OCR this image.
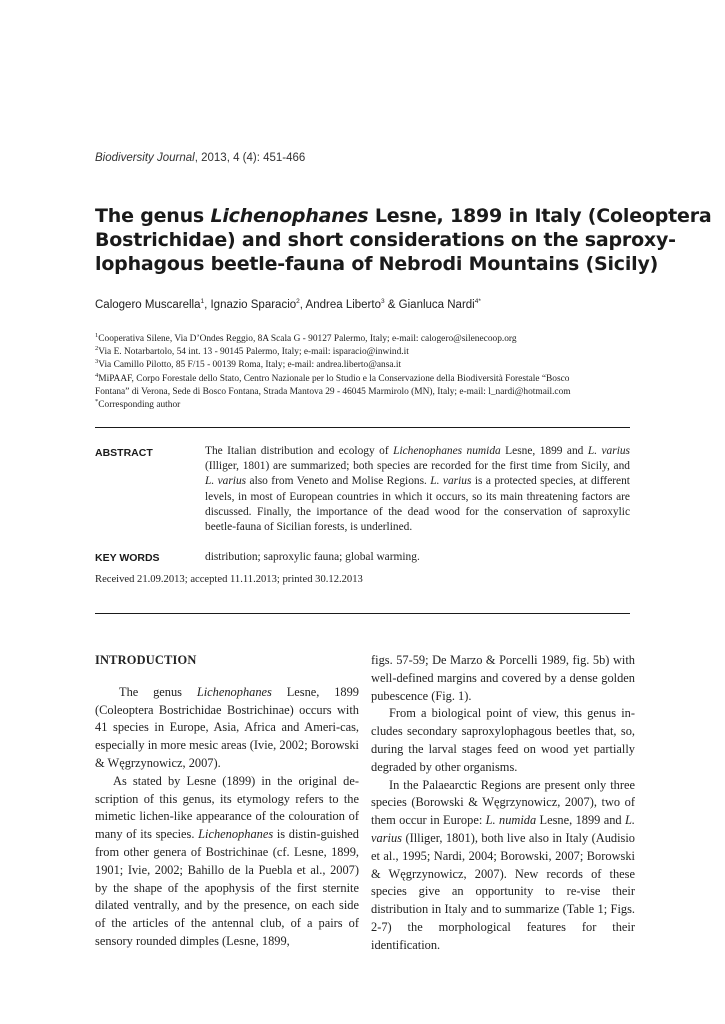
Biodiversity Journal, 2013, 4 (4): 451-466
The genus Lichenophanes Lesne, 1899 in Italy (Coleoptera
Bostrichidae) and short considerations on the saproxy-
lophagous beetle-fauna of Nebrodi Mountains (Sicily)
Calogero Muscarella$^1$, Ignazio Sparacio$^2$, Andrea Liberto$^3$ & Gianluca Nardi$^{4*}$
$^1$Cooperativa Silene, Via D’Ondes Reggio, 8A Scala G - 90127 Palermo, Italy; e-mail: calogero@silenecoop.org
$^2$Via E. Notarbartolo, 54 int. 13 - 90145 Palermo, Italy; e-mail: isparacio@inwind.it
$^3$Via Camillo Pilotto, 85 F/15 - 00139 Roma, Italy; e-mail: andrea.liberto@ansa.it
$^4$MiPAAF, Corpo Forestale dello Stato, Centro Nazionale per lo Studio e la Conservazione della Biodiversità Forestale “Bosco
Fontana” di Verona, Sede di Bosco Fontana, Strada Mantova 29 - 46045 Marmirolo (MN), Italy; e-mail: l_nardi@hotmail.com
*Corresponding author
ABSTRACT	The Italian distribution and ecology of Lichenophanes numida Lesne, 1899 and L. varius (Illiger, 1801) are summarized; both species are recorded for the first time from Sicily, and L. varius also from Veneto and Molise Regions. L. varius is a protected species, at different levels, in most of European countries in which it occurs, so its main threatening factors are discussed. Finally, the importance of the dead wood for the conservation of saproxylic beetle-fauna of Sicilian forests, is underlined.
KEY WORDS	distribution; saproxylic fauna; global warming.
Received 21.09.2013; accepted 11.11.2013; printed 30.12.2013

INTRODUCTION

The genus Lichenophanes Lesne, 1899 (Coleoptera Bostrichidae Bostrichinae) occurs with 41 species in Europe, Asia, Africa and Ameri-cas, especially in more mesic areas (Ivie, 2002; Borowski & Węgrzynowicz, 2007).

As stated by Lesne (1899) in the original de-scription of this genus, its etymology refers to the mimetic lichen-like appearance of the colouration of many of its species. Lichenophanes is distin-guished from other genera of Bostrichinae (cf. Lesne, 1899, 1901; Ivie, 2002; Bahillo de la Puebla et al., 2007) by the shape of the apophysis of the first sternite dilated ventrally, and by the presence, on each side of the articles of the antennal club, of a pairs of sensory rounded dimples (Lesne, 1899,

figs. 57-59; De Marzo & Porcelli 1989, fig. 5b) with well-defined margins and covered by a dense golden pubescence (Fig. 1).

From a biological point of view, this genus in-cludes secondary saproxylophagous beetles that, so, during the larval stages feed on wood yet partially degraded by other organisms.

In the Palaearctic Regions are present only three species (Borowski & Węgrzynowicz, 2007), two of them occur in Europe: L. numida Lesne, 1899 and L. varius (Illiger, 1801), both live also in Italy (Audisio et al., 1995; Nardi, 2004; Borowski, 2007; Borowski & Węgrzynowicz, 2007). New records of these species give an opportunity to re-vise their distribution in Italy and to summarize (Table 1; Figs. 2-7) the morphological features for their identification.
